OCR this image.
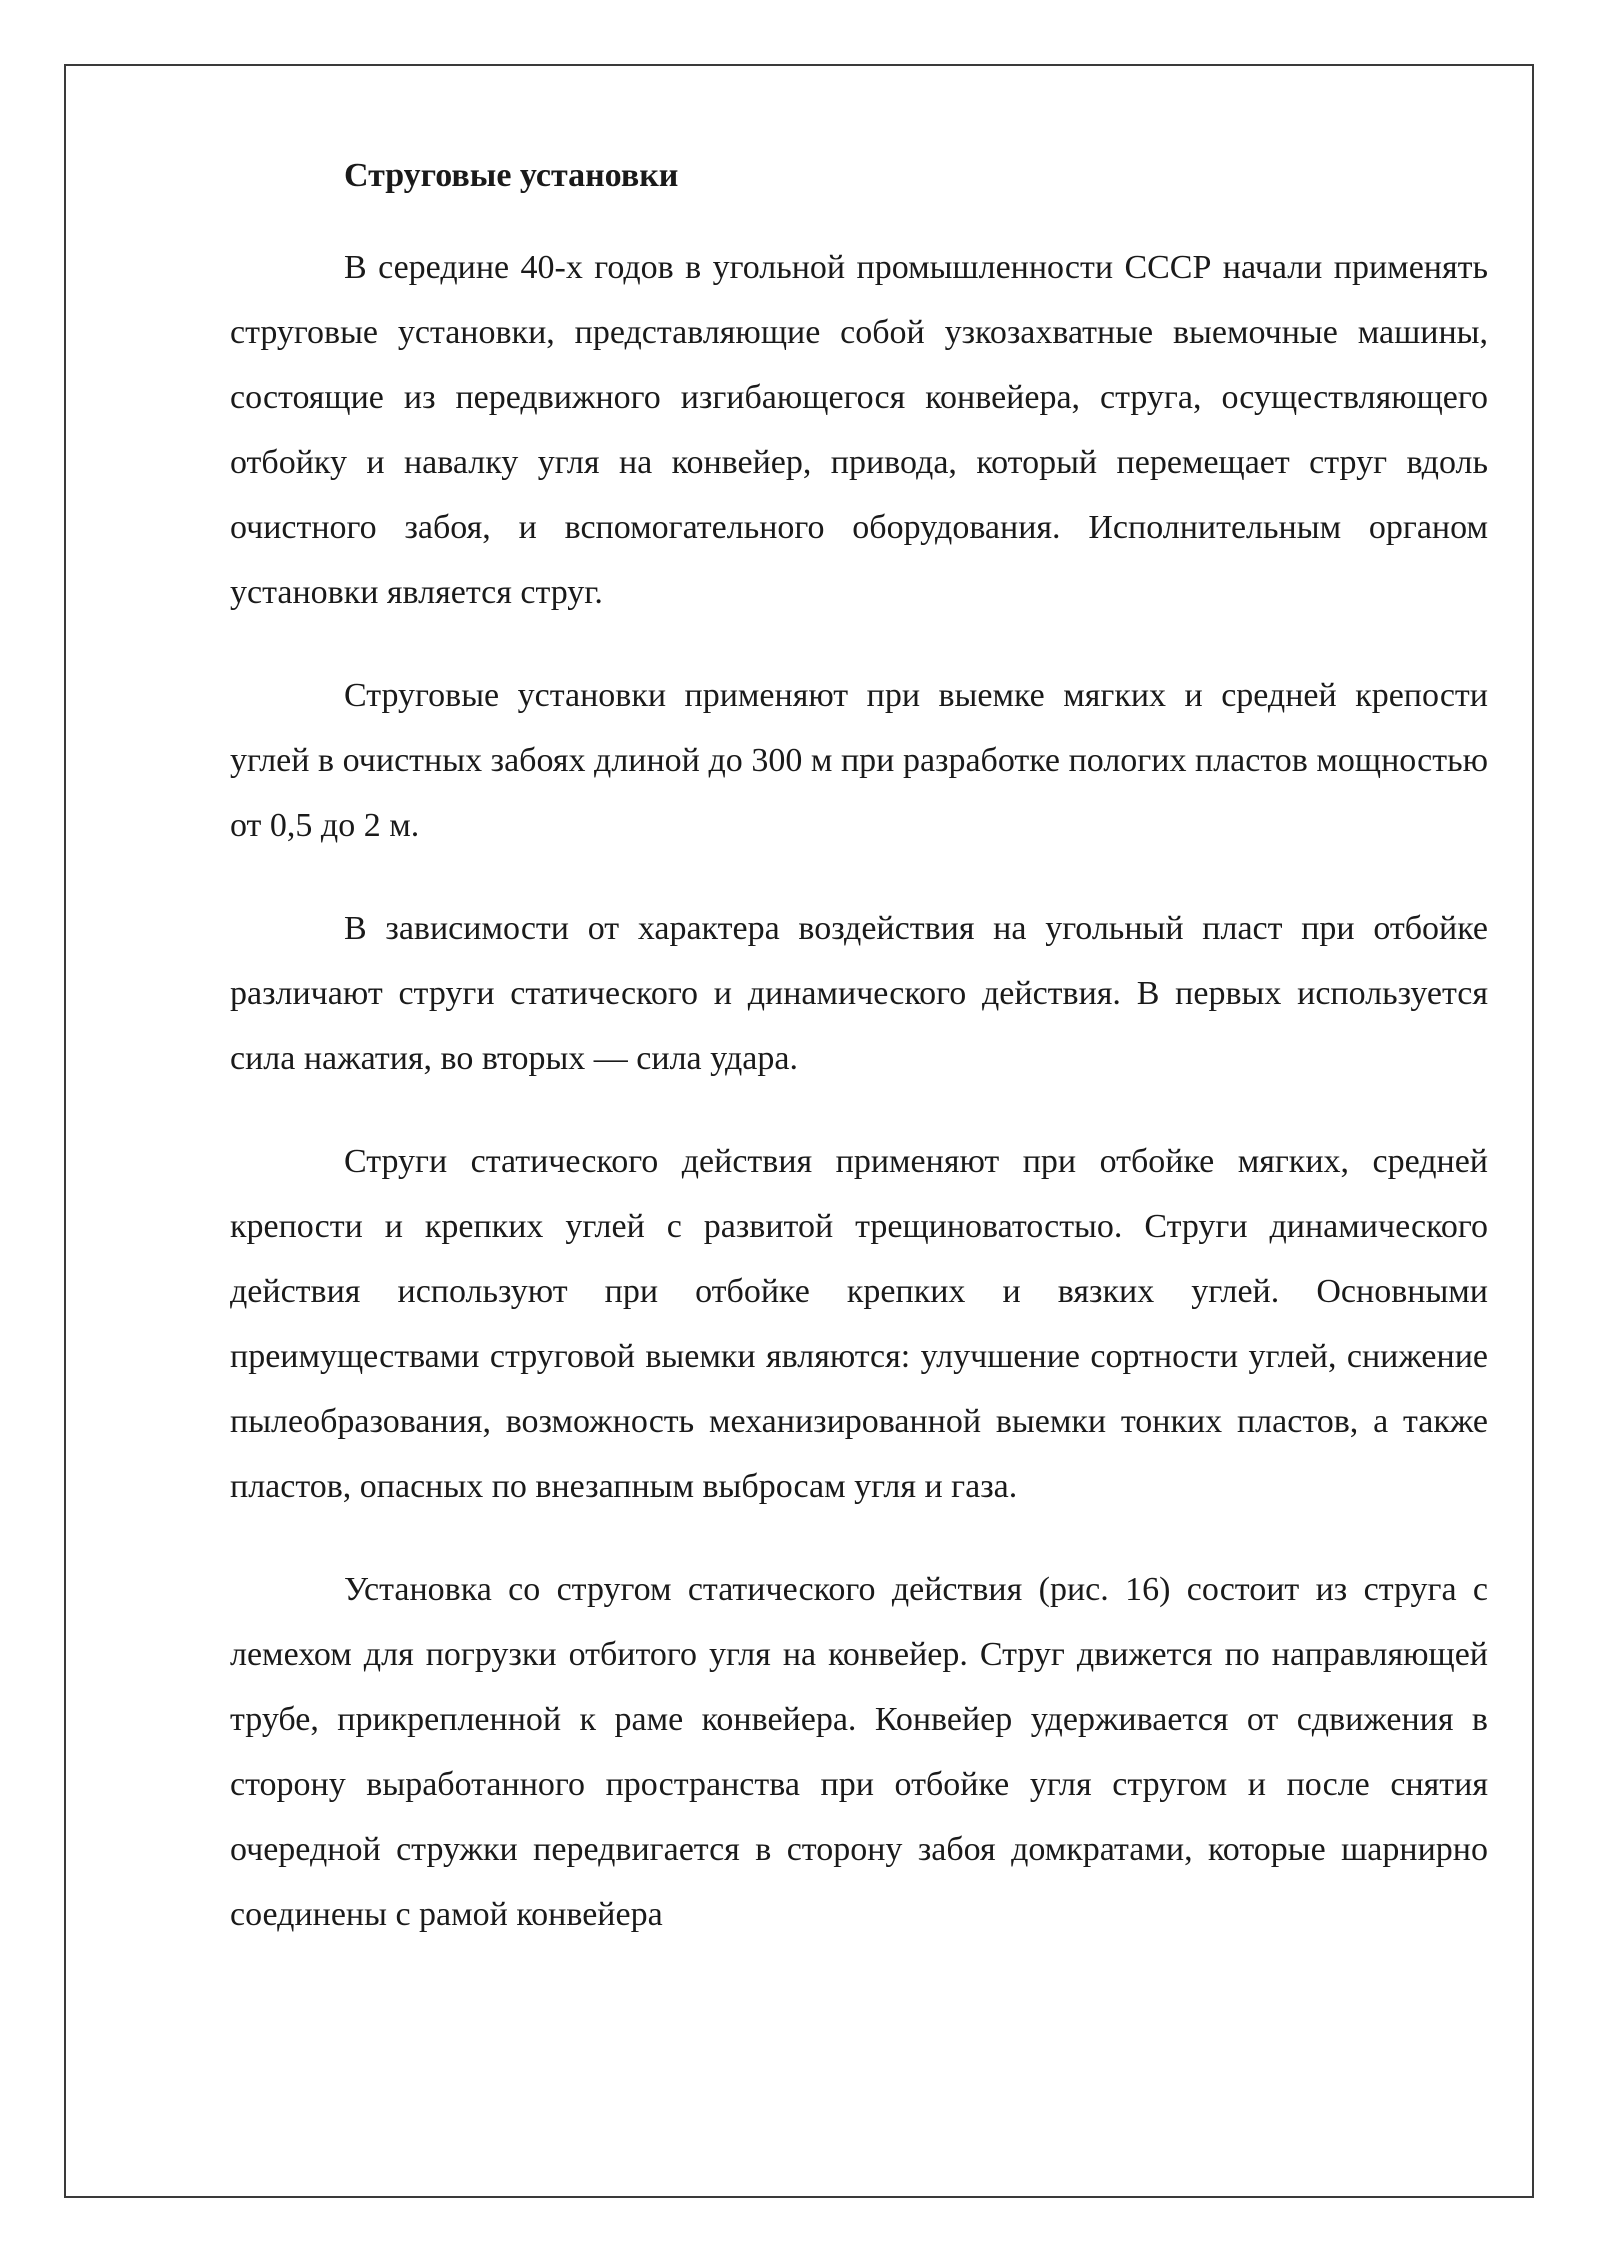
Струговые установки

В середине 40-х годов в угольной промышленности СССР начали применять струговые установки, представляющие собой узкозахватные выемочные машины, состоящие из передвижного изгибающегося конвейера, струга, осуществляющего отбойку и навалку угля на конвейер, привода, который перемещает струг вдоль очистного забоя, и вспомогательного оборудования. Исполнительным органом установки является струг.

Струговые установки применяют при выемке мягких и средней крепости углей в очистных забоях длиной до 300 м при разработке пологих пластов мощностью от 0,5 до 2 м.

В зависимости от характера воздействия на угольный пласт при отбойке различают струги статического и динамического действия. В первых используется сила нажатия, во вторых — сила удара.

Струги статического действия применяют при отбойке мягких, средней крепости и крепких углей с развитой трещиноватостыо. Струги динамического действия используют при отбойке крепких и вязких углей. Основными преимуществами струговой выемки являются: улучшение сортности углей, снижение пылеобразования, возможность механизированной выемки тонких пластов, а также пластов, опасных по внезапным выбросам угля и газа.

Установка со стругом статического действия (рис. 16) состоит из струга с лемехом для погрузки отбитого угля на конвейер. Струг движется по направляющей трубе, прикрепленной к раме конвейера. Конвейер удерживается от сдвижения в сторону выработанного пространства при отбойке угля стругом и после снятия очередной стружки передвигается в сторону забоя домкратами, которые шарнирно соединены с рамой конвейера
